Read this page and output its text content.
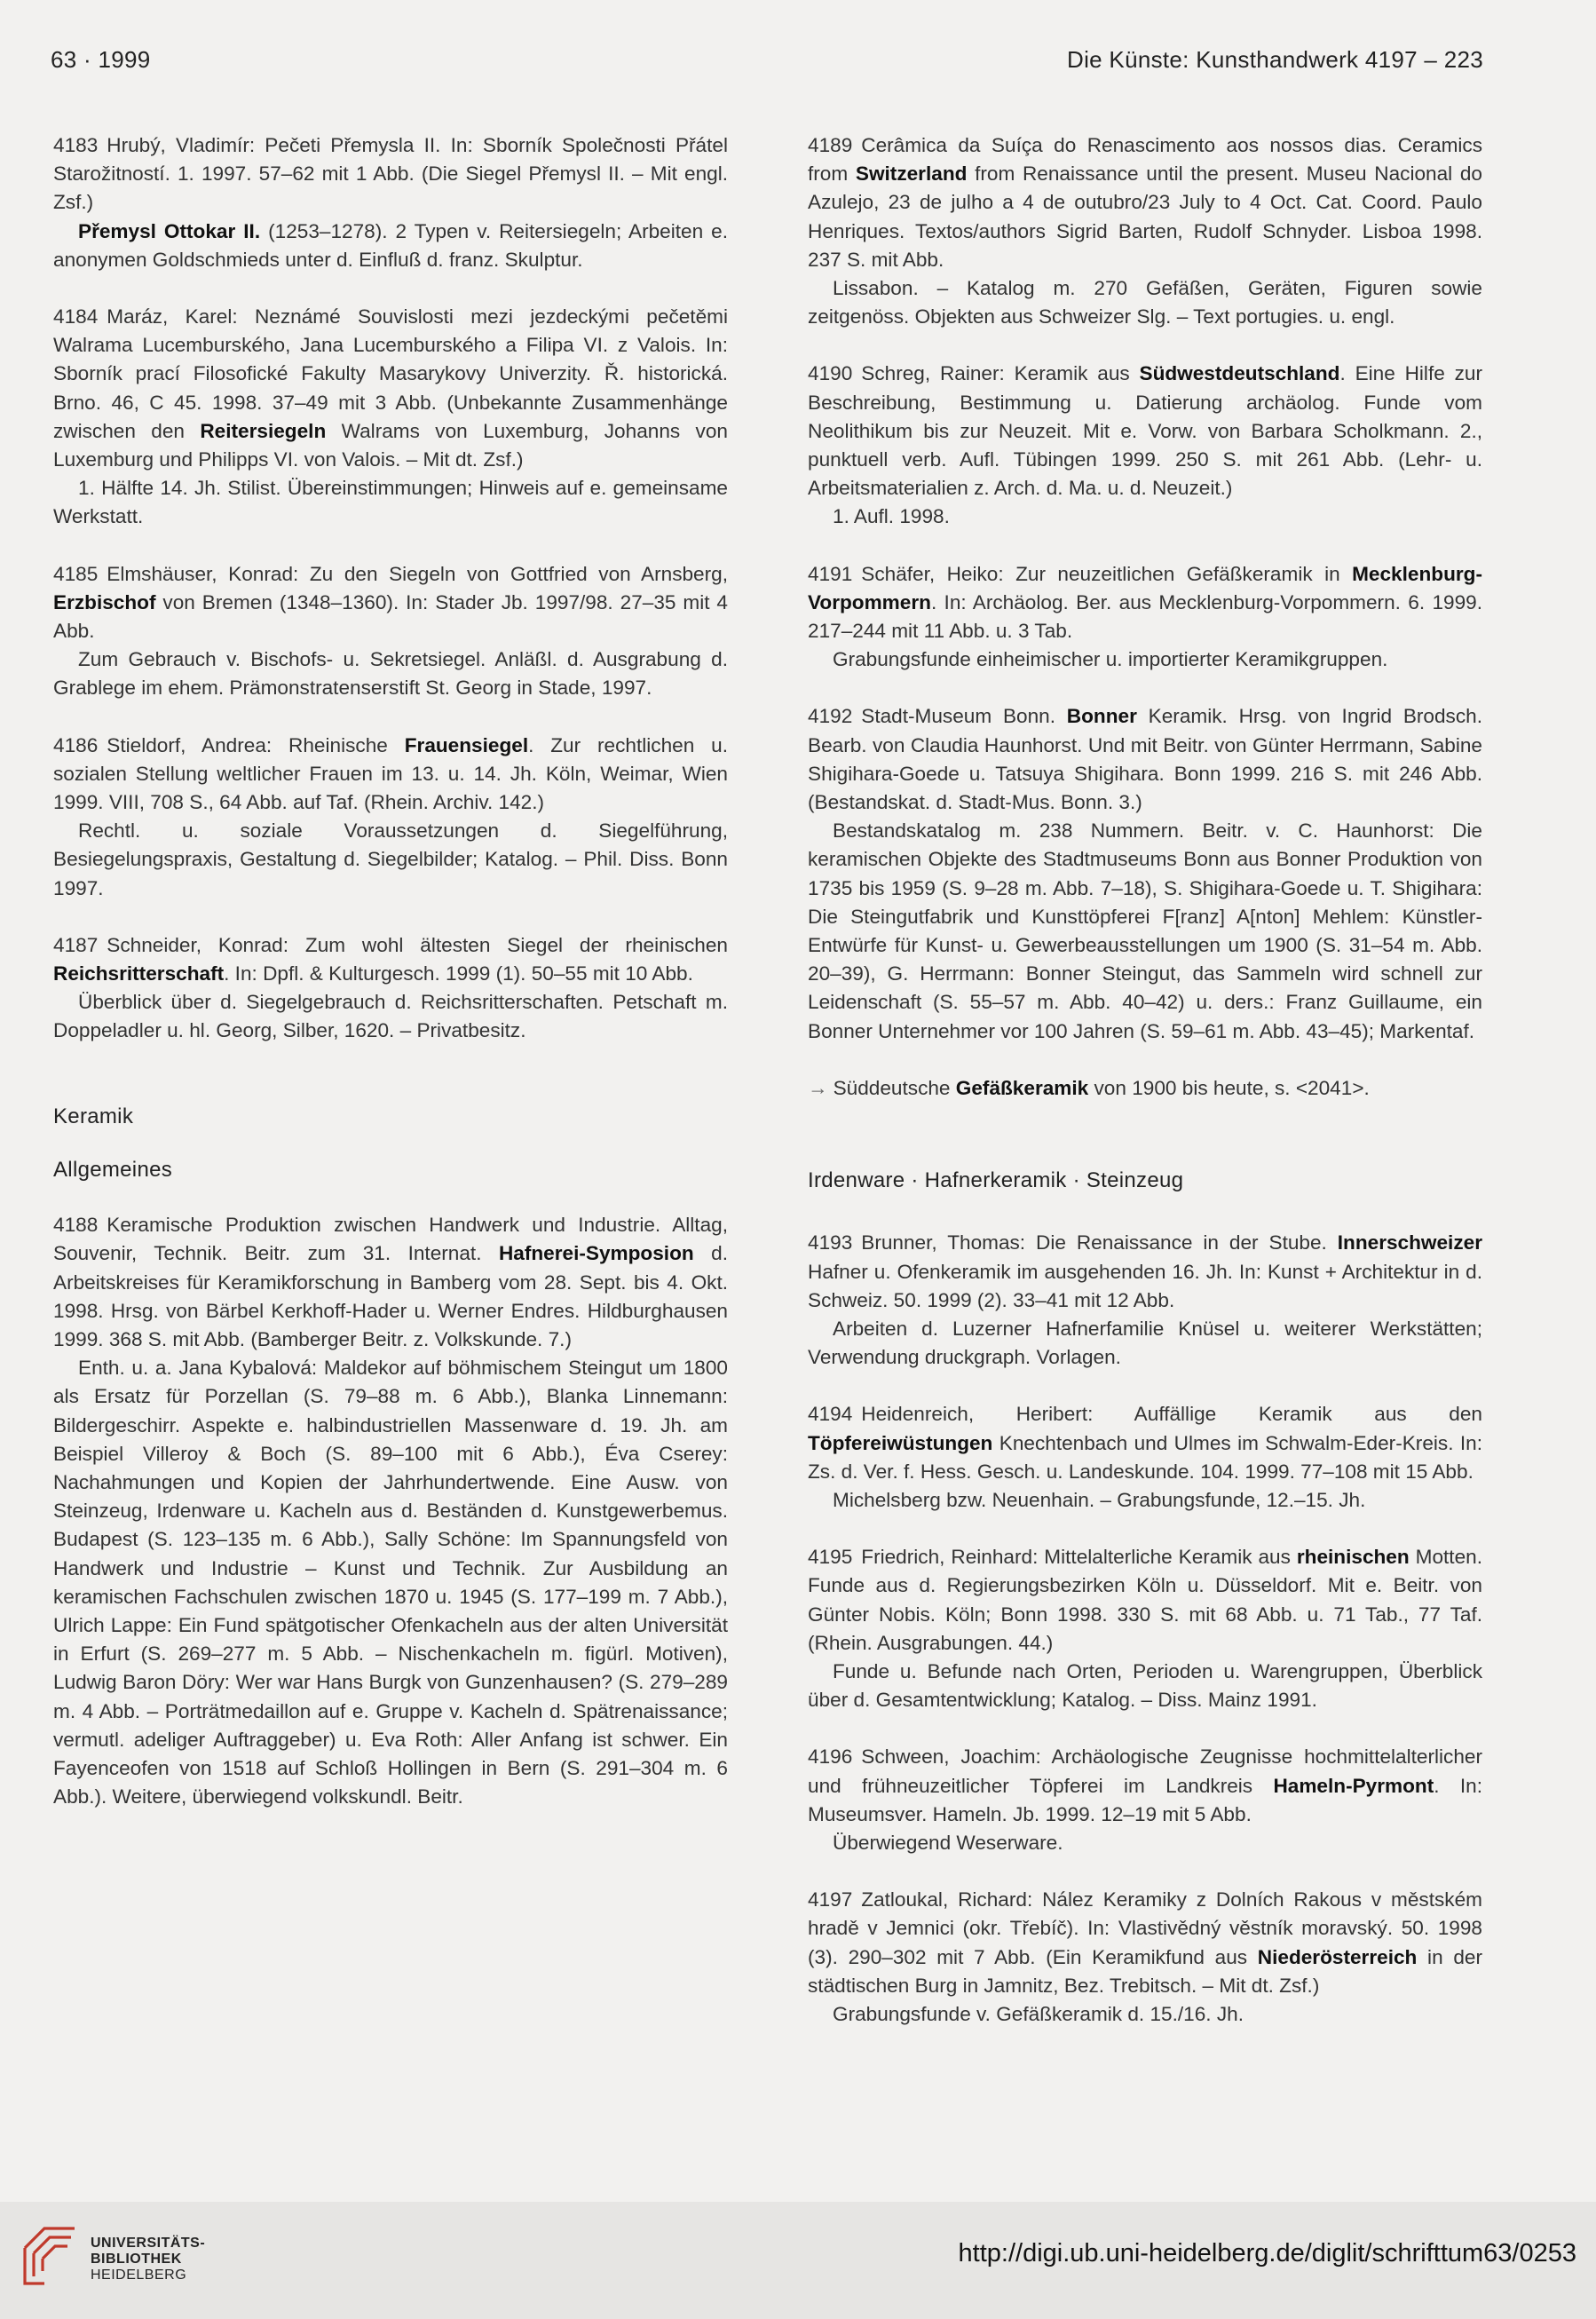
63 · 1999	Die Künste: Kunsthandwerk 4197 – 223

4183 Hrubý, Vladimír: Pečeti Přemysla II. In: Sborník Společnosti Přátel Starožitností. 1. 1997. 57–62 mit 1 Abb. (Die Siegel Přemysl II. – Mit engl. Zsf.)

Přemysl Ottokar II. (1253–1278). 2 Typen v. Reitersiegeln; Arbeiten e. anonymen Goldschmieds unter d. Einfluß d. franz. Skulptur.

4184 Maráz, Karel: Neznámé Souvislosti mezi jezdeckými pečetěmi Walrama Lucemburského, Jana Lucemburského a Filipa VI. z Valois. In: Sborník prací Filosofické Fakulty Masarykovy Univerzity. Ř. historická. Brno. 46, C 45. 1998. 37–49 mit 3 Abb. (Unbekannte Zusammenhänge zwischen den Reitersiegeln Walrams von Luxemburg, Johanns von Luxemburg und Philipps VI. von Valois. – Mit dt. Zsf.)

1. Hälfte 14. Jh. Stilist. Übereinstimmungen; Hinweis auf e. gemeinsame Werkstatt.

4185 Elmshäuser, Konrad: Zu den Siegeln von Gottfried von Arnsberg, Erzbischof von Bremen (1348–1360). In: Stader Jb. 1997/98. 27–35 mit 4 Abb.

Zum Gebrauch v. Bischofs- u. Sekretsiegel. Anläßl. d. Ausgrabung d. Grablege im ehem. Prämonstratenserstift St. Georg in Stade, 1997.

4186 Stieldorf, Andrea: Rheinische Frauensiegel. Zur rechtlichen u. sozialen Stellung weltlicher Frauen im 13. u. 14. Jh. Köln, Weimar, Wien 1999. VIII, 708 S., 64 Abb. auf Taf. (Rhein. Archiv. 142.)

Rechtl. u. soziale Voraussetzungen d. Siegelführung, Besiegelungspraxis, Gestaltung d. Siegelbilder; Katalog. – Phil. Diss. Bonn 1997.

4187 Schneider, Konrad: Zum wohl ältesten Siegel der rheinischen Reichsritterschaft. In: Dpfl. & Kulturgesch. 1999 (1). 50–55 mit 10 Abb.

Überblick über d. Siegelgebrauch d. Reichsritterschaften. Petschaft m. Doppeladler u. hl. Georg, Silber, 1620. – Privatbesitz.

Keramik
Allgemeines

4188 Keramische Produktion zwischen Handwerk und Industrie. Alltag, Souvenir, Technik. Beitr. zum 31. Internat. Hafnerei-Symposion d. Arbeitskreises für Keramikforschung in Bamberg vom 28. Sept. bis 4. Okt. 1998. Hrsg. von Bärbel Kerkhoff-Hader u. Werner Endres. Hildburghausen 1999. 368 S. mit Abb. (Bamberger Beitr. z. Volkskunde. 7.)

Enth. u. a. Jana Kybalová: Maldekor auf böhmischem Steingut um 1800 als Ersatz für Porzellan (S. 79–88 m. 6 Abb.), Blanka Linnemann: Bildergeschirr. Aspekte e. halbindustriellen Massenware d. 19. Jh. am Beispiel Villeroy & Boch (S. 89–100 mit 6 Abb.), Éva Cserey: Nachahmungen und Kopien der Jahrhundertwende. Eine Ausw. von Steinzeug, Irdenware u. Kacheln aus d. Beständen d. Kunstgewerbemus. Budapest (S. 123–135 m. 6 Abb.), Sally Schöne: Im Spannungsfeld von Handwerk und Industrie – Kunst und Technik. Zur Ausbildung an keramischen Fachschulen zwischen 1870 u. 1945 (S. 177–199 m. 7 Abb.), Ulrich Lappe: Ein Fund spätgotischer Ofenkacheln aus der alten Universität in Erfurt (S. 269–277 m. 5 Abb. – Nischenkacheln m. figürl. Motiven), Ludwig Baron Döry: Wer war Hans Burgk von Gunzenhausen? (S. 279–289 m. 4 Abb. – Porträtmedaillon auf e. Gruppe v. Kacheln d. Spätrenaissance; vermutl. adeliger Auftraggeber) u. Eva Roth: Aller Anfang ist schwer. Ein Fayenceofen von 1518 auf Schloß Hollingen in Bern (S. 291–304 m. 6 Abb.). Weitere, überwiegend volkskundl. Beitr.

4189 Cerâmica da Suíça do Renascimento aos nossos dias. Ceramics from Switzerland from Renaissance until the present. Museu Nacional do Azulejo, 23 de julho a 4 de outubro/23 July to 4 Oct. Cat. Coord. Paulo Henriques. Textos/authors Sigrid Barten, Rudolf Schnyder. Lisboa 1998. 237 S. mit Abb.

Lissabon. – Katalog m. 270 Gefäßen, Geräten, Figuren sowie zeitgenöss. Objekten aus Schweizer Slg. – Text portugies. u. engl.

4190 Schreg, Rainer: Keramik aus Südwestdeutschland. Eine Hilfe zur Beschreibung, Bestimmung u. Datierung archäolog. Funde vom Neolithikum bis zur Neuzeit. Mit e. Vorw. von Barbara Scholkmann. 2., punktuell verb. Aufl. Tübingen 1999. 250 S. mit 261 Abb. (Lehr- u. Arbeitsmaterialien z. Arch. d. Ma. u. d. Neuzeit.)

1. Aufl. 1998.

4191 Schäfer, Heiko: Zur neuzeitlichen Gefäßkeramik in Mecklenburg-Vorpommern. In: Archäolog. Ber. aus Mecklenburg-Vorpommern. 6. 1999. 217–244 mit 11 Abb. u. 3 Tab.

Grabungsfunde einheimischer u. importierter Keramikgruppen.

4192 Stadt-Museum Bonn. Bonner Keramik. Hrsg. von Ingrid Brodsch. Bearb. von Claudia Haunhorst. Und mit Beitr. von Günter Herrmann, Sabine Shigihara-Goede u. Tatsuya Shigihara. Bonn 1999. 216 S. mit 246 Abb. (Bestandskat. d. Stadt-Mus. Bonn. 3.)

Bestandskatalog m. 238 Nummern. Beitr. v. C. Haunhorst: Die keramischen Objekte des Stadtmuseums Bonn aus Bonner Produktion von 1735 bis 1959 (S. 9–28 m. Abb. 7–18), S. Shigihara-Goede u. T. Shigihara: Die Steingutfabrik und Kunsttöpferei F[ranz] A[nton] Mehlem: Künstler-Entwürfe für Kunst- u. Gewerbeausstellungen um 1900 (S. 31–54 m. Abb. 20–39), G. Herrmann: Bonner Steingut, das Sammeln wird schnell zur Leidenschaft (S. 55–57 m. Abb. 40–42) u. ders.: Franz Guillaume, ein Bonner Unternehmer vor 100 Jahren (S. 59–61 m. Abb. 43–45); Markentaf.

→ Süddeutsche Gefäßkeramik von 1900 bis heute, s. <2041>.

Irdenware · Hafnerkeramik · Steinzeug

4193 Brunner, Thomas: Die Renaissance in der Stube. Innerschweizer Hafner u. Ofenkeramik im ausgehenden 16. Jh. In: Kunst + Architektur in d. Schweiz. 50. 1999 (2). 33–41 mit 12 Abb.

Arbeiten d. Luzerner Hafnerfamilie Knüsel u. weiterer Werkstätten; Verwendung druckgraph. Vorlagen.

4194 Heidenreich, Heribert: Auffällige Keramik aus den Töpfereiwüstungen Knechtenbach und Ulmes im Schwalm-Eder-Kreis. In: Zs. d. Ver. f. Hess. Gesch. u. Landeskunde. 104. 1999. 77–108 mit 15 Abb.

Michelsberg bzw. Neuenhain. – Grabungsfunde, 12.–15. Jh.

4195 Friedrich, Reinhard: Mittelalterliche Keramik aus rheinischen Motten. Funde aus d. Regierungsbezirken Köln u. Düsseldorf. Mit e. Beitr. von Günter Nobis. Köln; Bonn 1998. 330 S. mit 68 Abb. u. 71 Tab., 77 Taf. (Rhein. Ausgrabungen. 44.)

Funde u. Befunde nach Orten, Perioden u. Warengruppen, Überblick über d. Gesamtentwicklung; Katalog. – Diss. Mainz 1991.

4196 Schween, Joachim: Archäologische Zeugnisse hochmittelalterlicher und frühneuzeitlicher Töpferei im Landkreis Hameln-Pyrmont. In: Museumsver. Hameln. Jb. 1999. 12–19 mit 5 Abb.

Überwiegend Weserware.

4197 Zatloukal, Richard: Nález Keramiky z Dolních Rakous v městském hradě v Jemnici (okr. Třebíč). In: Vlastivědný věstník moravský. 50. 1998 (3). 290–302 mit 7 Abb. (Ein Keramikfund aus Niederösterreich in der städtischen Burg in Jamnitz, Bez. Trebitsch. – Mit dt. Zsf.)

Grabungsfunde v. Gefäßkeramik d. 15./16. Jh.

UNIVERSITÄTS-
BIBLIOTHEK
HEIDELBERG
http://digi.ub.uni-heidelberg.de/diglit/schrifttum63/0253
